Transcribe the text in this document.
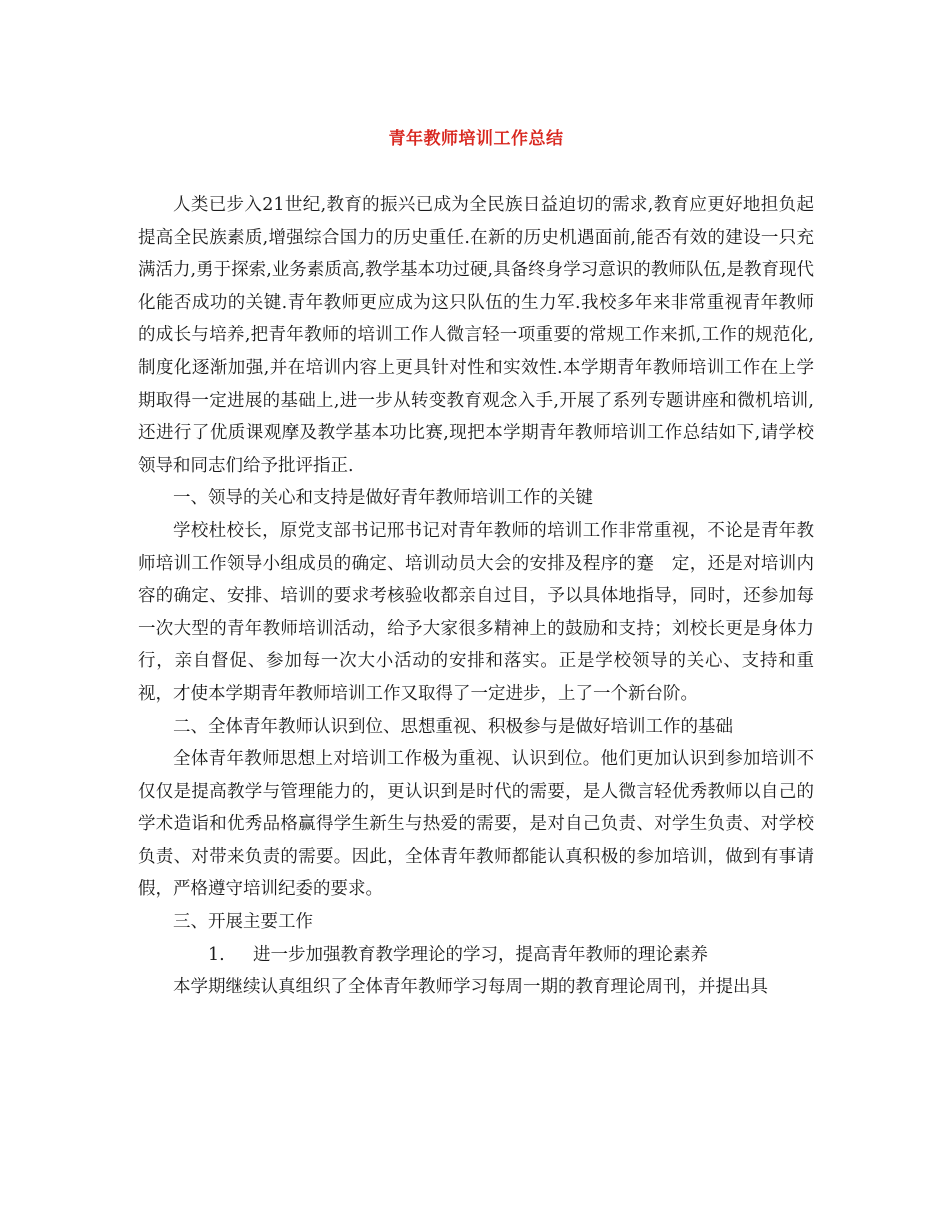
青年教师培训工作总结

人类已步入21世纪,教育的振兴已成为全民族日益迫切的需求,教育应更好地担负起提高全民族素质,增强综合国力的历史重任.在新的历史机遇面前,能否有效的建设一只充满活力,勇于探索,业务素质高,教学基本功过硬,具备终身学习意识的教师队伍,是教育现代化能否成功的关键.青年教师更应成为这只队伍的生力军.我校多年来非常重视青年教师的成长与培养,把青年教师的培训工作人微言轻一项重要的常规工作来抓,工作的规范化,制度化逐渐加强,并在培训内容上更具针对性和实效性.本学期青年教师培训工作在上学期取得一定进展的基础上,进一步从转变教育观念入手,开展了系列专题讲座和微机培训,还进行了优质课观摩及教学基本功比赛,现把本学期青年教师培训工作总结如下,请学校领导和同志们给予批评指正.

一、领导的关心和支持是做好青年教师培训工作的关键

学校杜校长，原党支部书记邢书记对青年教师的培训工作非常重视，不论是青年教师培训工作领导小组成员的确定、培训动员大会的安排及程序的蹇　定，还是对培训内容的确定、安排、培训的要求考核验收都亲自过目，予以具体地指导，同时，还参加每一次大型的青年教师培训活动，给予大家很多精神上的鼓励和支持；刘校长更是身体力行，亲自督促、参加每一次大小活动的安排和落实。正是学校领导的关心、支持和重视，才使本学期青年教师培训工作又取得了一定进步，上了一个新台阶。

二、全体青年教师认识到位、思想重视、积极参与是做好培训工作的基础

全体青年教师思想上对培训工作极为重视、认识到位。他们更加认识到参加培训不仅仅是提高教学与管理能力的，更认识到是时代的需要，是人微言轻优秀教师以自己的学术造诣和优秀品格赢得学生新生与热爱的需要，是对自己负责、对学生负责、对学校负责、对带来负责的需要。因此，全体青年教师都能认真积极的参加培训，做到有事请假，严格遵守培训纪委的要求。

三、开展主要工作

1. 进一步加强教育教学理论的学习，提高青年教师的理论素养

本学期继续认真组织了全体青年教师学习每周一期的教育理论周刊，并提出具
